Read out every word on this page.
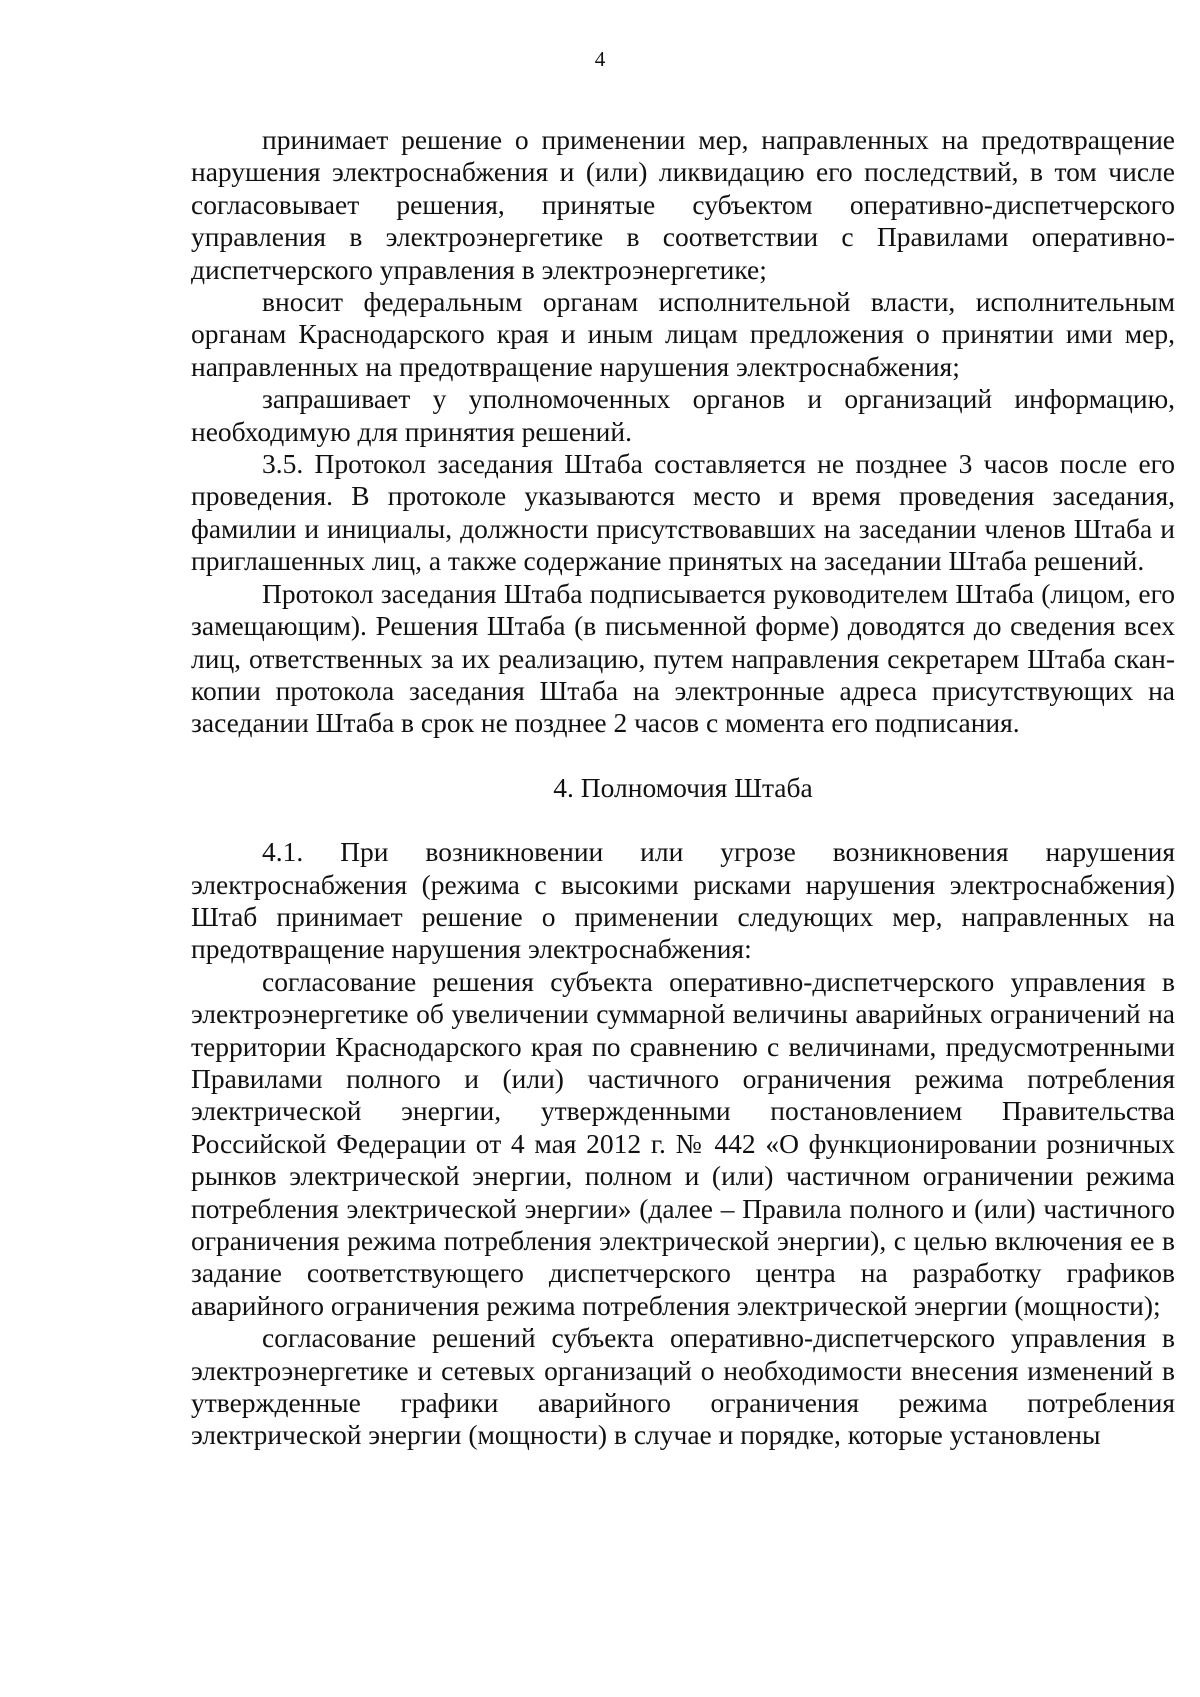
4

принимает решение о применении мер, направленных на предотвращение нарушения электроснабжения и (или) ликвидацию его последствий, в том числе согласовывает решения, принятые субъектом оперативно-диспетчерского управления в электроэнергетике в соответствии с Правилами оперативно-диспетчерского управления в электроэнергетике;

вносит федеральным органам исполнительной власти, исполнительным органам Краснодарского края и иным лицам предложения о принятии ими мер, направленных на предотвращение нарушения электроснабжения;

запрашивает у уполномоченных органов и организаций информацию, необходимую для принятия решений.

3.5. Протокол заседания Штаба составляется не позднее 3 часов после его проведения. В протоколе указываются место и время проведения заседания, фамилии и инициалы, должности присутствовавших на заседании членов Штаба и приглашенных лиц, а также содержание принятых на заседании Штаба решений.

Протокол заседания Штаба подписывается руководителем Штаба (лицом, его замещающим). Решения Штаба (в письменной форме) доводятся до сведения всех лиц, ответственных за их реализацию, путем направления секретарем Штаба скан-копии протокола заседания Штаба на электронные адреса присутствующих на заседании Штаба в срок не позднее 2 часов с момента его подписания.

4. Полномочия Штаба

4.1. При возникновении или угрозе возникновения нарушения электроснабжения (режима с высокими рисками нарушения электроснабжения) Штаб принимает решение о применении следующих мер, направленных на предотвращение нарушения электроснабжения:

согласование решения субъекта оперативно-диспетчерского управления в электроэнергетике об увеличении суммарной величины аварийных ограничений на территории Краснодарского края по сравнению с величинами, предусмотренными Правилами полного и (или) частичного ограничения режима потребления электрической энергии, утвержденными постановлением Правительства Российской Федерации от 4 мая 2012 г. № 442 «О функционировании розничных рынков электрической энергии, полном и (или) частичном ограничении режима потребления электрической энергии» (далее – Правила полного и (или) частичного ограничения режима потребления электрической энергии), с целью включения ее в задание соответствующего диспетчерского центра на разработку графиков аварийного ограничения режима потребления электрической энергии (мощности);

согласование решений субъекта оперативно-диспетчерского управления в электроэнергетике и сетевых организаций о необходимости внесения изменений в утвержденные графики аварийного ограничения режима потребления электрической энергии (мощности) в случае и порядке, которые установлены
